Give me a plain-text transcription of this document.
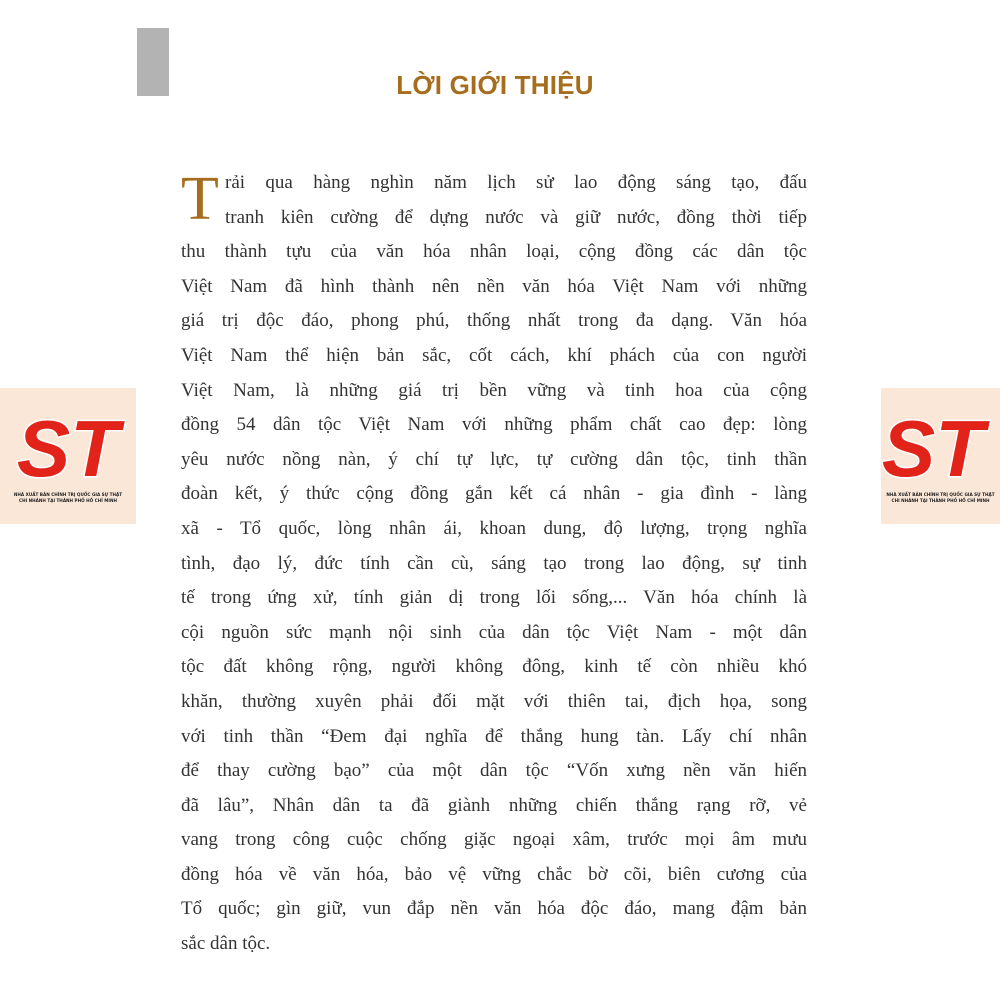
LỜI GIỚI THIỆU
T rải qua hàng nghìn năm lịch sử lao động sáng tạo, đấu
tranh kiên cường để dựng nước và giữ nước, đồng thời tiếp
thu thành tựu của văn hóa nhân loại, cộng đồng các dân tộc
Việt Nam đã hình thành nên nền văn hóa Việt Nam với những
giá trị độc đáo, phong phú, thống nhất trong đa dạng. Văn hóa
Việt Nam thể hiện bản sắc, cốt cách, khí phách của con người
Việt Nam, là những giá trị bền vững và tinh hoa của cộng
đồng 54 dân tộc Việt Nam với những phẩm chất cao đẹp: lòng
yêu nước nồng nàn, ý chí tự lực, tự cường dân tộc, tinh thần
đoàn kết, ý thức cộng đồng gắn kết cá nhân - gia đình - làng
xã - Tổ quốc, lòng nhân ái, khoan dung, độ lượng, trọng nghĩa
tình, đạo lý, đức tính cần cù, sáng tạo trong lao động, sự tinh
tế trong ứng xử, tính giản dị trong lối sống,... Văn hóa chính là
cội nguồn sức mạnh nội sinh của dân tộc Việt Nam - một dân
tộc đất không rộng, người không đông, kinh tế còn nhiều khó
khăn, thường xuyên phải đối mặt với thiên tai, địch họa, song
với tinh thần “Đem đại nghĩa để thắng hung tàn. Lấy chí nhân
để thay cường bạo” của một dân tộc “Vốn xưng nền văn hiến
đã lâu”, Nhân dân ta đã giành những chiến thắng rạng rỡ, vẻ
vang trong công cuộc chống giặc ngoại xâm, trước mọi âm mưu
đồng hóa về văn hóa, bảo vệ vững chắc bờ cõi, biên cương của
Tổ quốc; gìn giữ, vun đắp nền văn hóa độc đáo, mang đậm bản
sắc dân tộc.
ST
NHÀ XUẤT BẢN CHÍNH TRỊ QUỐC GIA SỰ THẬT
CHI NHÁNH TẠI THÀNH PHỐ HỒ CHÍ MINH
ST
NHÀ XUẤT BẢN CHÍNH TRỊ QUỐC GIA SỰ THẬT
CHI NHÁNH TẠI THÀNH PHỐ HỒ CHÍ MINH
